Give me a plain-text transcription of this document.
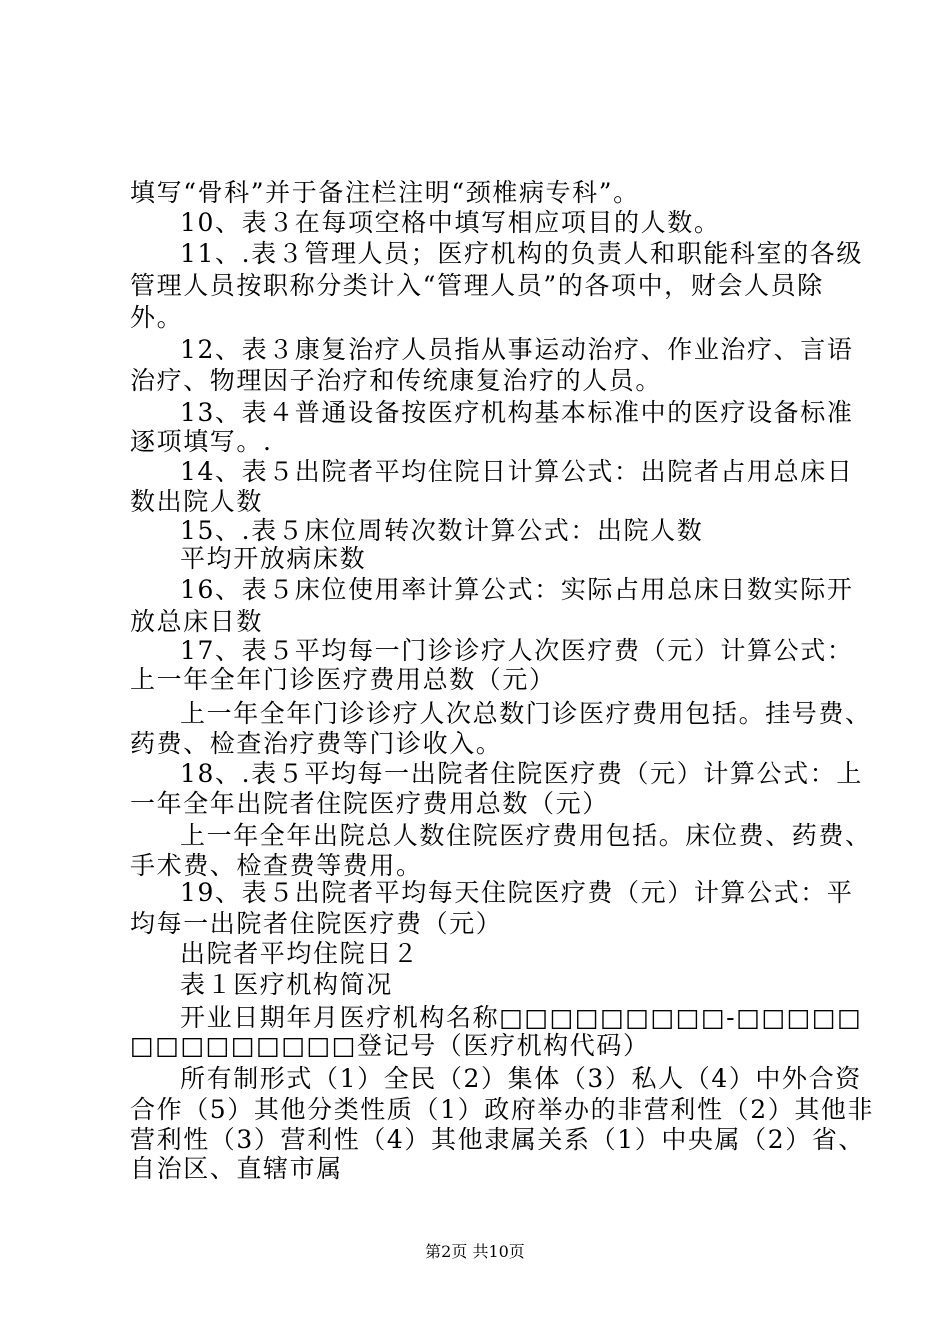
填写“骨科”并于备注栏注明“颈椎病专科”。
10、表３在每项空格中填写相应项目的人数。
11、.表３管理人员；医疗机构的负责人和职能科室的各级
管理人员按职称分类计入“管理人员”的各项中，财会人员除
外。
12、表３康复治疗人员指从事运动治疗、作业治疗、言语
治疗、物理因子治疗和传统康复治疗的人员。
13、表４普通设备按医疗机构基本标准中的医疗设备标准
逐项填写。.
14、表５出院者平均住院日计算公式：出院者占用总床日
数出院人数
15、.表５床位周转次数计算公式：出院人数
平均开放病床数
16、表５床位使用率计算公式：实际占用总床日数实际开
放总床日数
17、表５平均每一门诊诊疗人次医疗费（元）计算公式：
上一年全年门诊医疗费用总数（元）
上一年全年门诊诊疗人次总数门诊医疗费用包括。挂号费、
药费、检查治疗费等门诊收入。
18、.表５平均每一出院者住院医疗费（元）计算公式：上
一年全年出院者住院医疗费用总数（元）
上一年全年出院总人数住院医疗费用包括。床位费、药费、
手术费、检查费等费用。
19、表５出院者平均每天住院医疗费（元）计算公式：平
均每一出院者住院医疗费（元）
出院者平均住院日２
表１医疗机构简况
开业日期年月医疗机构名称□□□□□□□□□-□□□□□
□□□□□□□□□登记号（医疗机构代码）
所有制形式（1）全民（2）集体（3）私人（4）中外合资
合作（5）其他分类性质（1）政府举办的非营利性（2）其他非
营利性（3）营利性（4）其他隶属关系（1）中央属（2）省、
自治区、直辖市属
第2页 共10页
